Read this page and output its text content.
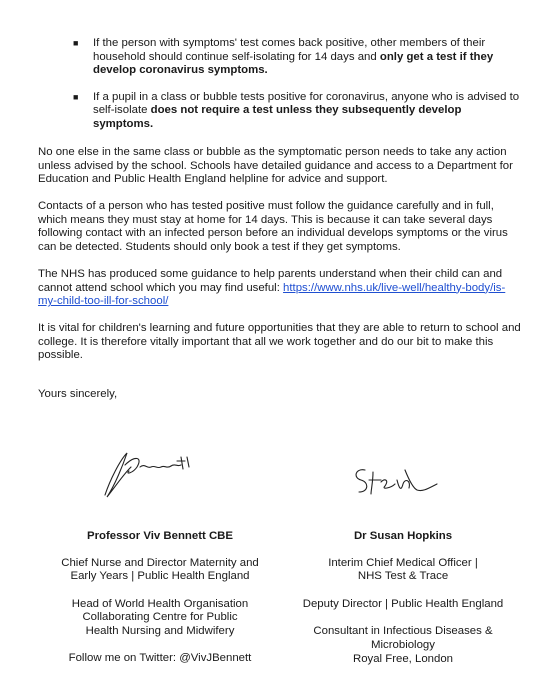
■	If the person with symptoms' test comes back positive, other members of their household should continue self-isolating for 14 days and only get a test if they develop coronavirus symptoms.
■	If a pupil in a class or bubble tests positive for coronavirus, anyone who is advised to self-isolate does not require a test unless they subsequently develop symptoms.

No one else in the same class or bubble as the symptomatic person needs to take any action unless advised by the school. Schools have detailed guidance and access to a Department for Education and Public Health England helpline for advice and support.

Contacts of a person who has tested positive must follow the guidance carefully and in full, which means they must stay at home for 14 days. This is because it can take several days following contact with an infected person before an individual develops symptoms or the virus can be detected. Students should only book a test if they get symptoms.

The NHS has produced some guidance to help parents understand when their child can and cannot attend school which you may find useful: https://www.nhs.uk/live-well/healthy-body/is-my-child-too-ill-for-school/

It is vital for children's learning and future opportunities that they are able to return to school and college. It is therefore vitally important that all we work together and do our bit to make this possible.

Yours sincerely,

Professor Viv Bennett CBE

Chief Nurse and Director Maternity and Early Years | Public Health England

Head of World Health Organisation Collaborating Centre for Public Health Nursing and Midwifery

Follow me on Twitter: @VivJBennett

Dr Susan Hopkins

Interim Chief Medical Officer | NHS Test & Trace

Deputy Director | Public Health England

Consultant in Infectious Diseases & Microbiology

Royal Free, London
